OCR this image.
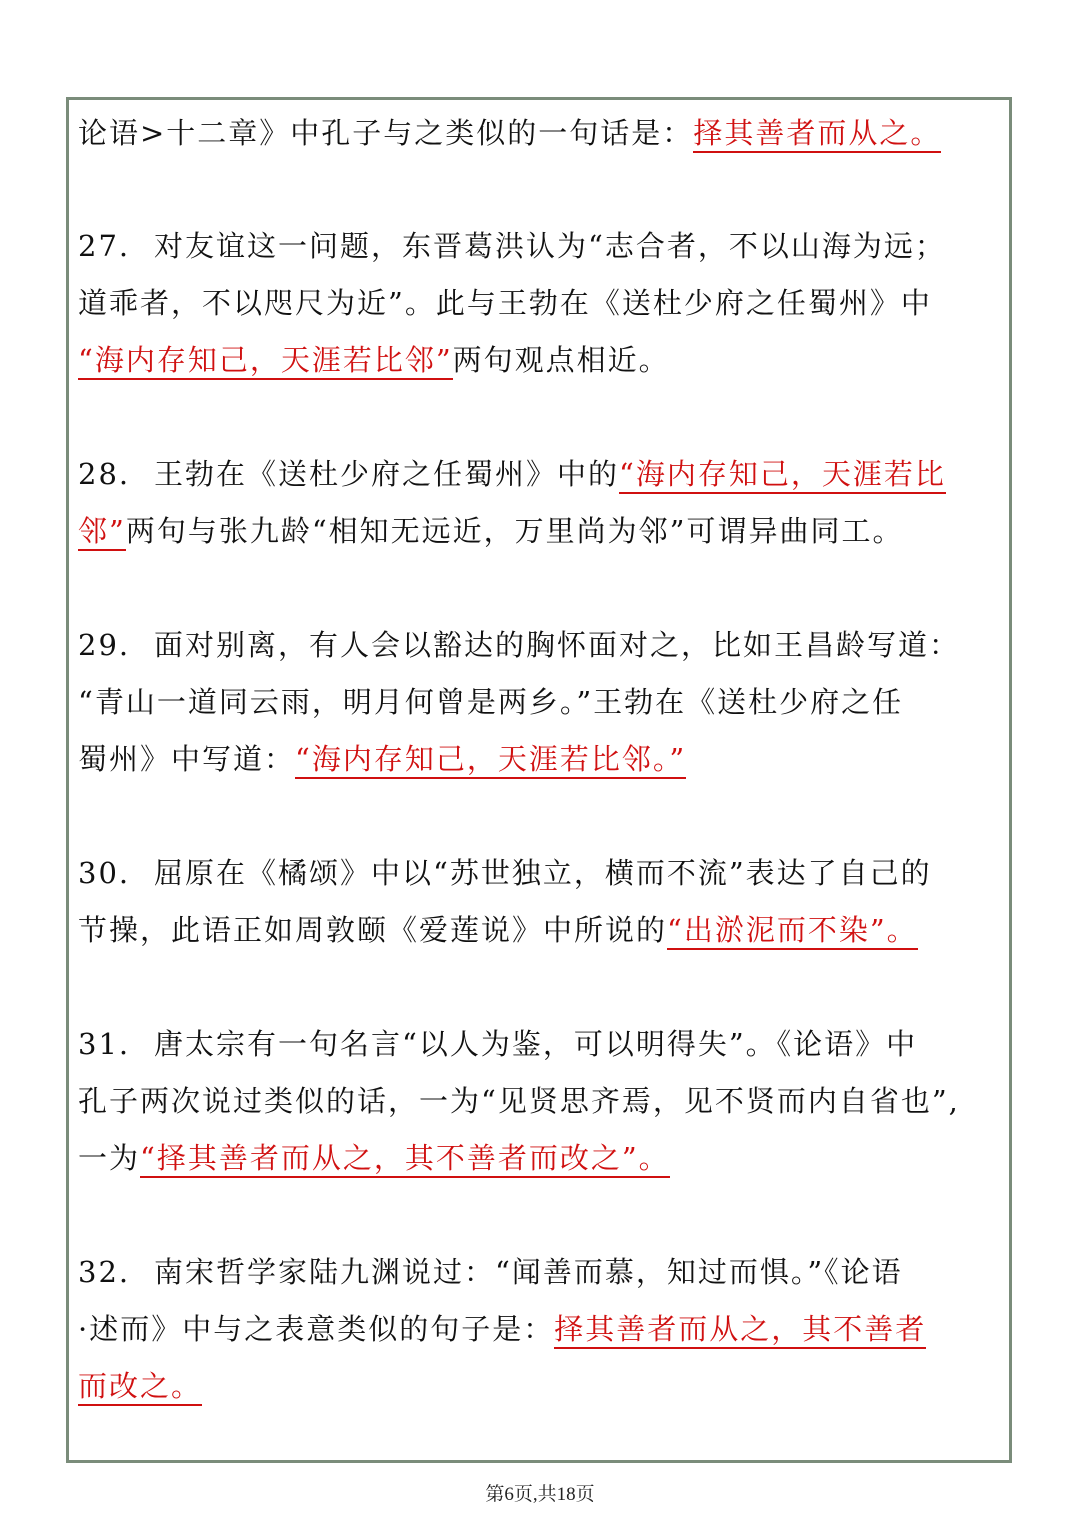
论语>十二章》中孔子与之类似的一句话是：择其善者而从之。
27. 对友谊这一问题，东晋葛洪认为“志合者，不以山海为远；
道乖者，不以咫尺为近”。此与王勃在《送杜少府之任蜀州》中
“海内存知己，天涯若比邻”两句观点相近。
28. 王勃在《送杜少府之任蜀州》中的“海内存知己，天涯若比
邻”两句与张九龄“相知无远近，万里尚为邻”可谓异曲同工。
29. 面对别离，有人会以豁达的胸怀面对之，比如王昌龄写道：
“青山一道同云雨，明月何曾是两乡。”王勃在《送杜少府之任
蜀州》中写道：“海内存知己，天涯若比邻。”
30. 屈原在《橘颂》中以“苏世独立，横而不流”表达了自己的
节操，此语正如周敦颐《爱莲说》中所说的“出淤泥而不染”。
31. 唐太宗有一句名言“以人为鉴，可以明得失”。《论语》中
孔子两次说过类似的话，一为“见贤思齐焉，见不贤而内自省也”,
一为“择其善者而从之，其不善者而改之”。
32. 南宋哲学家陆九渊说过：“闻善而慕，知过而惧。”《论语
·述而》中与之表意类似的句子是：择其善者而从之，其不善者
而改之。
第6页,共18页
